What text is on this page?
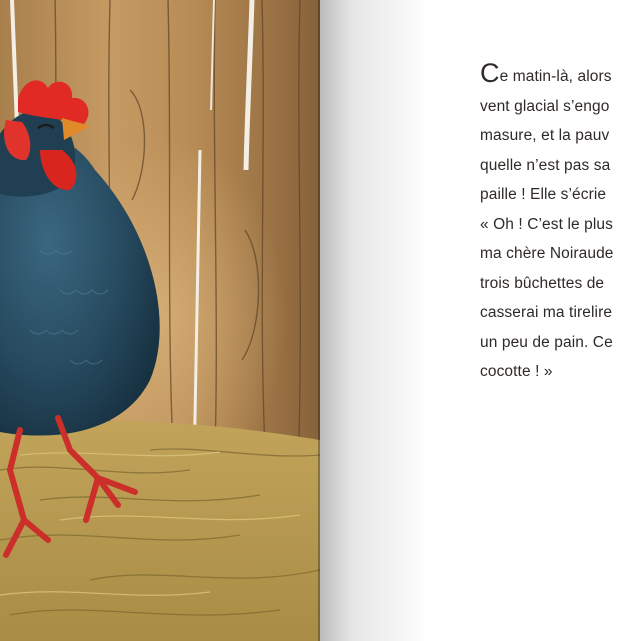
Ce matin-là, alors
vent glacial s’engo
masure, et la pauv
quelle n’est pas sa
paille ! Elle s’écrie
« Oh ! C’est le plus
ma chère Noiraude
trois bûchettes de
casserai ma tirelire
un peu de pain. Ce
cocotte ! »
